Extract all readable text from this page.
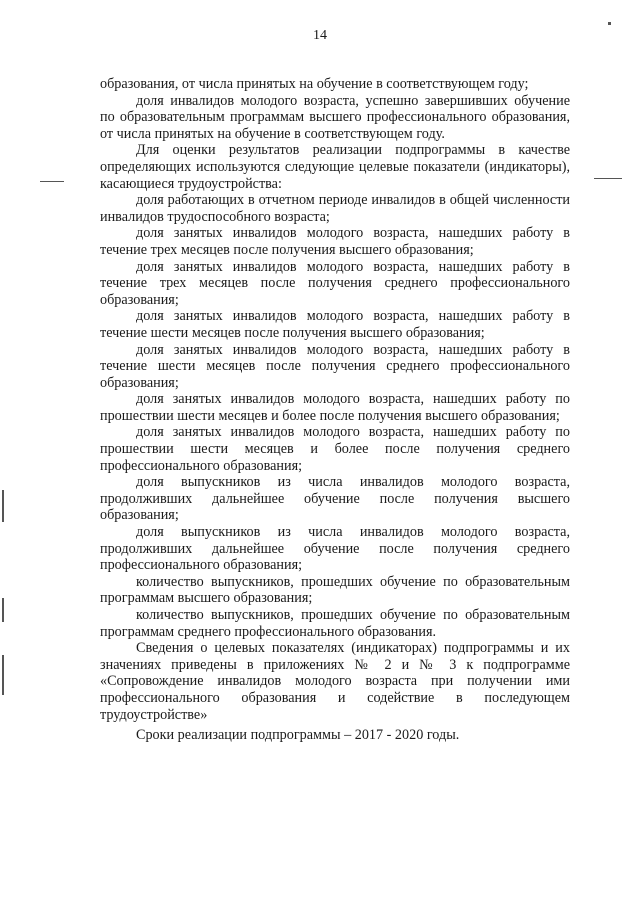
14

образования, от числа принятых на обучение в соответствующем году;

доля инвалидов молодого возраста, успешно завершивших обучение по образовательным программам высшего профессионального образования, от числа принятых на обучение в соответствующем году.

Для оценки результатов реализации подпрограммы в качестве определяющих используются следующие целевые показатели (индикаторы), касающиеся трудоустройства:

доля работающих в отчетном периоде инвалидов в общей численности инвалидов трудоспособного возраста;

доля занятых инвалидов молодого возраста, нашедших работу в течение трех месяцев после получения высшего образования;

доля занятых инвалидов молодого возраста, нашедших работу в течение трех месяцев после получения среднего профессионального образования;

доля занятых инвалидов молодого возраста, нашедших работу в течение шести месяцев после получения высшего образования;

доля занятых инвалидов молодого возраста, нашедших работу в течение шести месяцев после получения среднего профессионального образования;

доля занятых инвалидов молодого возраста, нашедших работу по прошествии шести месяцев и более после получения высшего образования;

доля занятых инвалидов молодого возраста, нашедших работу по прошествии шести месяцев и более после получения среднего профессионального образования;

доля выпускников из числа инвалидов молодого возраста, продолживших дальнейшее обучение после получения высшего образования;

доля выпускников из числа инвалидов молодого возраста, продолживших дальнейшее обучение после получения среднего профессионального образования;

количество выпускников, прошедших обучение по образовательным программам высшего образования;

количество выпускников, прошедших обучение по образовательным программам среднего профессионального образования.

Сведения о целевых показателях (индикаторах) подпрограммы и их значениях приведены в приложениях № 2 и № 3 к подпрограмме «Сопровождение инвалидов молодого возраста при получении ими профессионального образования и содействие в последующем трудоустройстве»

Сроки реализации подпрограммы – 2017 - 2020 годы.
